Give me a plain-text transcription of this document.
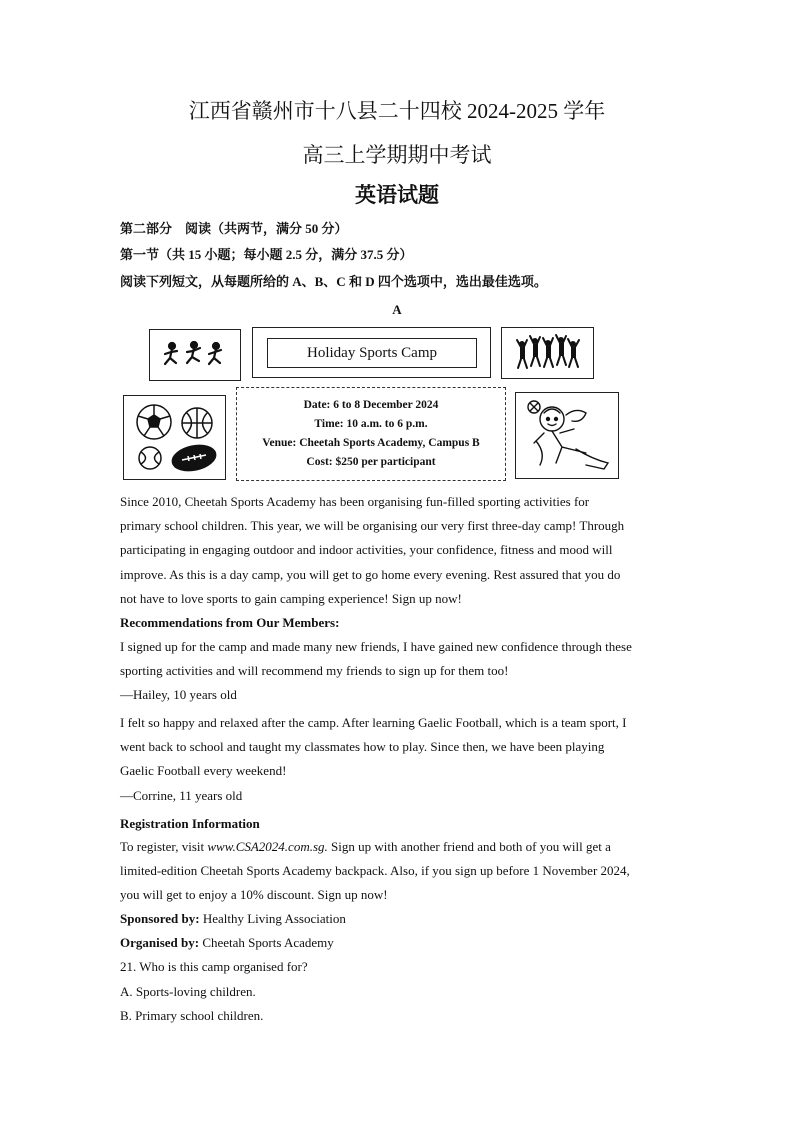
江西省赣州市十八县二十四校 2024-2025 学年
高三上学期期中考试
英语试题
第二部分　阅读（共两节，满分 50 分）
第一节（共 15 小题；每小题 2.5 分，满分 37.5 分）
阅读下列短文，从每题所给的 A、B、C 和 D 四个选项中，选出最佳选项。
A
Holiday Sports Camp
Date: 6 to 8 December 2024
Time: 10 a.m. to 6 p.m.
Venue: Cheetah Sports Academy, Campus B
Cost: $250 per participant
Since 2010, Cheetah Sports Academy has been organising fun-filled sporting activities for
primary school children. This year, we will be organising our very first three-day camp! Through
participating in engaging outdoor and indoor activities, your confidence, fitness and mood will
improve. As this is a day camp, you will get to go home every evening. Rest assured that you do
not have to love sports to gain camping experience! Sign up now!
Recommendations from Our Members:
I signed up for the camp and made many new friends, I have gained new confidence through these
sporting activities and will recommend my friends to sign up for them too!
—Hailey, 10 years old
I felt so happy and relaxed after the camp. After learning Gaelic Football, which is a team sport, I
went back to school and taught my classmates how to play. Since then, we have been playing
Gaelic Football every weekend!
—Corrine, 11 years old
Registration Information
To register, visit www.CSA2024.com.sg. Sign up with another friend and both of you will get a
limited-edition Cheetah Sports Academy backpack. Also, if you sign up before 1 November 2024,
you will get to enjoy a 10% discount. Sign up now!
Sponsored by: Healthy Living Association
Organised by: Cheetah Sports Academy
21. Who is this camp organised for?
A. Sports-loving children.
B. Primary school children.
